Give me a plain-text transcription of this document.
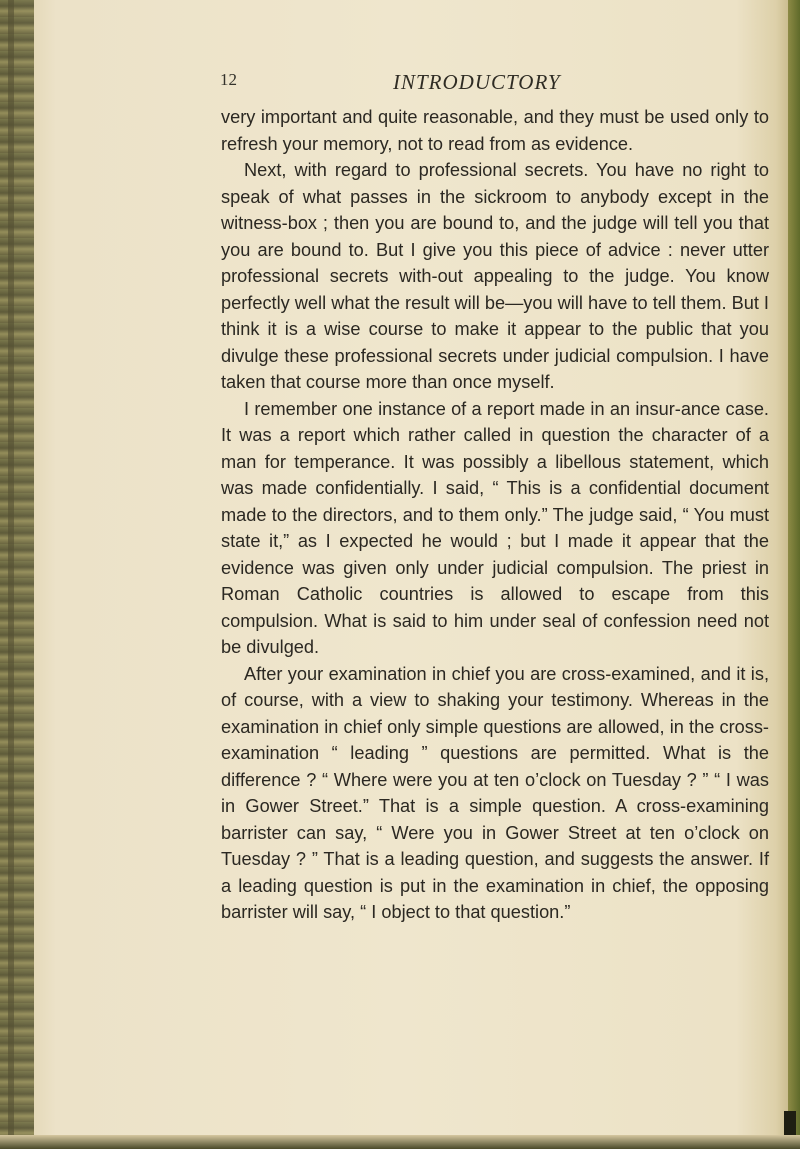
12	INTRODUCTORY

very important and quite reasonable, and they must be used only to refresh your memory, not to read from as evidence.

Next, with regard to professional secrets. You have no right to speak of what passes in the sickroom to anybody except in the witness-box ; then you are bound to, and the judge will tell you that you are bound to. But I give you this piece of advice : never utter professional secrets with-out appealing to the judge. You know perfectly well what the result will be—you will have to tell them. But I think it is a wise course to make it appear to the public that you divulge these professional secrets under judicial compulsion. I have taken that course more than once myself.

I remember one instance of a report made in an insur-ance case. It was a report which rather called in question the character of a man for temperance. It was possibly a libellous statement, which was made confidentially. I said, “ This is a confidential document made to the directors, and to them only.” The judge said, “ You must state it,” as I expected he would ; but I made it appear that the evidence was given only under judicial compulsion. The priest in Roman Catholic countries is allowed to escape from this compulsion. What is said to him under seal of confession need not be divulged.

After your examination in chief you are cross-examined, and it is, of course, with a view to shaking your testimony. Whereas in the examination in chief only simple questions are allowed, in the cross-examination “ leading ” questions are permitted. What is the difference ? “ Where were you at ten o’clock on Tuesday ? ” “ I was in Gower Street.” That is a simple question. A cross-examining barrister can say, “ Were you in Gower Street at ten o’clock on Tuesday ? ” That is a leading question, and suggests the answer. If a leading question is put in the examination in chief, the opposing barrister will say, “ I object to that question.”
